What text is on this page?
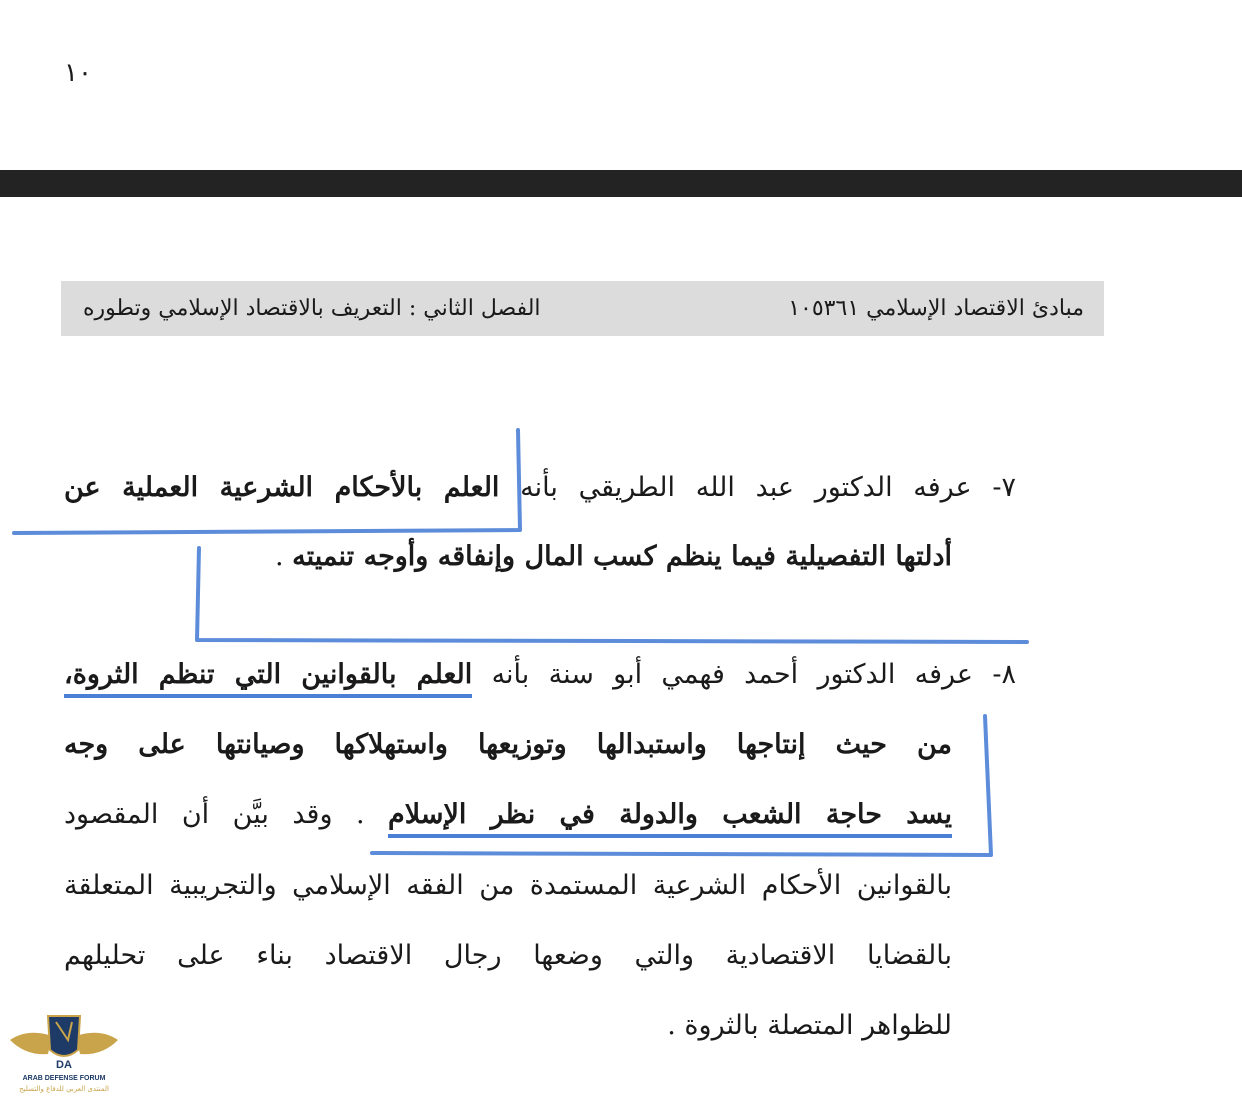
١٠
مبادئ الاقتصاد الإسلامي ١٠٥٣٦١
الفصل الثاني : التعريف بالاقتصاد الإسلامي وتطوره
٧- عرفه الدكتور عبد الله الطريقي بأنه العلم بالأحكام الشرعية العملية عن
أدلتها التفصيلية فيما ينظم كسب المال وإنفاقه وأوجه تنميته .
٨- عرفه الدكتور أحمد فهمي أبو سنة بأنه العلم بالقوانين التي تنظم الثروة،
من حيث إنتاجها واستبدالها وتوزيعها واستهلاكها وصيانتها على وجه
يسد حاجة الشعب والدولة في نظر الإسلام . وقد بيَّن أن المقصود
بالقوانين الأحكام الشرعية المستمدة من الفقه الإسلامي والتجريبية المتعلقة
بالقضايا الاقتصادية والتي وضعها رجال الاقتصاد بناء على تحليلهم
للظواهر المتصلة بالثروة .
DA
ARAB DEFENSE FORUM
المنتدى العربي للدفاع والتسليح
